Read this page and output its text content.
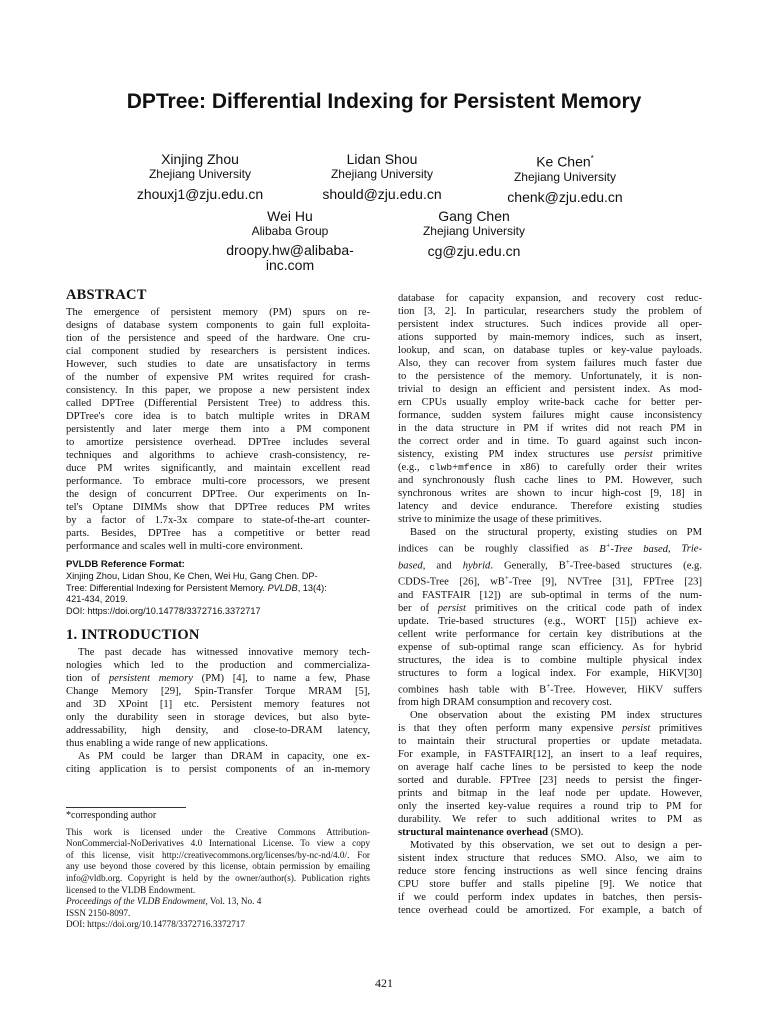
DPTree: Differential Indexing for Persistent Memory
Xinjing Zhou
Zhejiang University
zhouxj1@zju.edu.cn
Lidan Shou
Zhejiang University
should@zju.edu.cn
Ke Chen*
Zhejiang University
chenk@zju.edu.cn
Wei Hu
Alibaba Group
droopy.hw@alibaba-
inc.com
Gang Chen
Zhejiang University
cg@zju.edu.cn
ABSTRACT
The emergence of persistent memory (PM) spurs on re-
designs of database system components to gain full exploita-
tion of the persistence and speed of the hardware. One cru-
cial component studied by researchers is persistent indices.
However, such studies to date are unsatisfactory in terms
of the number of expensive PM writes required for crash-
consistency. In this paper, we propose a new persistent index
called DPTree (Differential Persistent Tree) to address this.
DPTree's core idea is to batch multiple writes in DRAM
persistently and later merge them into a PM component
to amortize persistence overhead. DPTree includes several
techniques and algorithms to achieve crash-consistency, re-
duce PM writes significantly, and maintain excellent read
performance. To embrace multi-core processors, we present
the design of concurrent DPTree. Our experiments on In-
tel's Optane DIMMs show that DPTree reduces PM writes
by a factor of 1.7x-3x compare to state-of-the-art counter-
parts. Besides, DPTree has a competitive or better read
performance and scales well in multi-core environment.
PVLDB Reference Format:
Xinjing Zhou, Lidan Shou, Ke Chen, Wei Hu, Gang Chen. DP-
Tree: Differential Indexing for Persistent Memory. PVLDB, 13(4):
421-434, 2019.
DOI: https://doi.org/10.14778/3372716.3372717
1. INTRODUCTION
The past decade has witnessed innovative memory tech-
nologies which led to the production and commercializa-
tion of persistent memory (PM) [4], to name a few, Phase
Change Memory [29], Spin-Transfer Torque MRAM [5],
and 3D XPoint [1] etc. Persistent memory features not
only the durability seen in storage devices, but also byte-
addressability, high density, and close-to-DRAM latency,
thus enabling a wide range of new applications.
As PM could be larger than DRAM in capacity, one ex-
citing application is to persist components of an in-memory
*corresponding author
This work is licensed under the Creative Commons Attribution-
NonCommercial-NoDerivatives 4.0 International License. To view a copy
of this license, visit http://creativecommons.org/licenses/by-nc-nd/4.0/. For
any use beyond those covered by this license, obtain permission by emailing
info@vldb.org. Copyright is held by the owner/author(s). Publication rights
licensed to the VLDB Endowment.
Proceedings of the VLDB Endowment, Vol. 13, No. 4
ISSN 2150-8097.
DOI: https://doi.org/10.14778/3372716.3372717
database for capacity expansion, and recovery cost reduc-
tion [3, 2]. In particular, researchers study the problem of
persistent index structures. Such indices provide all oper-
ations supported by main-memory indices, such as insert,
lookup, and scan, on database tuples or key-value payloads.
Also, they can recover from system failures much faster due
to the persistence of the memory. Unfortunately, it is non-
trivial to design an efficient and persistent index. As mod-
ern CPUs usually employ write-back cache for better per-
formance, sudden system failures might cause inconsistency
in the data structure in PM if writes did not reach PM in
the correct order and in time. To guard against such incon-
sistency, existing PM index structures use persist primitive
(e.g., clwb+mfence in x86) to carefully order their writes
and synchronously flush cache lines to PM. However, such
synchronous writes are shown to incur high-cost [9, 18] in
latency and device endurance. Therefore existing studies
strive to minimize the usage of these primitives.
Based on the structural property, existing studies on PM
indices can be roughly classified as B+-Tree based, Trie-
based, and hybrid. Generally, B+-Tree-based structures (e.g.
CDDS-Tree [26], wB+-Tree [9], NVTree [31], FPTree [23]
and FASTFAIR [12]) are sub-optimal in terms of the num-
ber of persist primitives on the critical code path of index
update. Trie-based structures (e.g., WORT [15]) achieve ex-
cellent write performance for certain key distributions at the
expense of sub-optimal range scan efficiency. As for hybrid
structures, the idea is to combine multiple physical index
structures to form a logical index. For example, HiKV[30]
combines hash table with B+-Tree. However, HiKV suffers
from high DRAM consumption and recovery cost.
One observation about the existing PM index structures
is that they often perform many expensive persist primitives
to maintain their structural properties or update metadata.
For example, in FASTFAIR[12], an insert to a leaf requires,
on average half cache lines to be persisted to keep the node
sorted and durable. FPTree [23] needs to persist the finger-
prints and bitmap in the leaf node per update. However,
only the inserted key-value requires a round trip to PM for
durability. We refer to such additional writes to PM as
structural maintenance overhead (SMO).
Motivated by this observation, we set out to design a per-
sistent index structure that reduces SMO. Also, we aim to
reduce store fencing instructions as well since fencing drains
CPU store buffer and stalls pipeline [9]. We notice that
if we could perform index updates in batches, then persis-
tence overhead could be amortized. For example, a batch of
421
